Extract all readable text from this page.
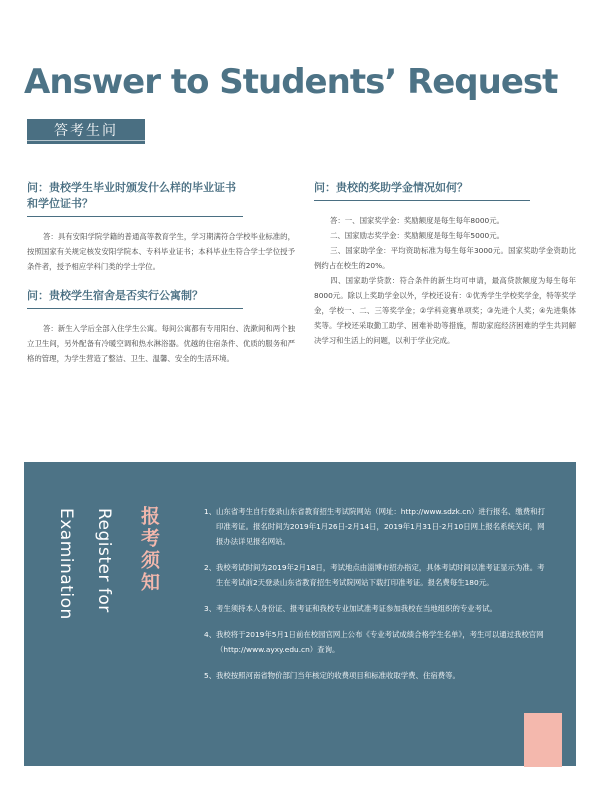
Answer to Students’ Request
答考生问
问：贵校学生毕业时颁发什么样的毕业证书和学位证书？
答：具有安阳学院学籍的普通高等教育学生，学习期满符合学校毕业标准的，按照国家有关规定核发安阳学院本、专科毕业证书；本科毕业生符合学士学位授予条件者，授予相应学科门类的学士学位。
问：贵校学生宿舍是否实行公寓制？
答：新生入学后全部入住学生公寓。每间公寓都有专用阳台、洗漱间和两个独立卫生间，另外配备有冷暖空调和热水淋浴器。优越的住宿条件、优质的服务和严格的管理，为学生营造了整洁、卫生、温馨、安全的生活环境。
问：贵校的奖助学金情况如何？

答：一、国家奖学金：奖励额度是每生每年8000元。

二、国家励志奖学金：奖励额度是每生每年5000元。

三、国家助学金：平均资助标准为每生每年3000元。国家奖助学金资助比例约占在校生的20%。

四、国家助学贷款：符合条件的新生均可申请，最高贷款额度为每生每年8000元。除以上奖助学金以外，学校还设有：①优秀学生学校奖学金，特等奖学金，学校一、二、三等奖学金；②学科竞赛单项奖；③先进个人奖；④先进集体奖等。学校还采取勤工助学、困难补助等措施，帮助家庭经济困难的学生共同解决学习和生活上的问题，以利于学业完成。

Examination Register for 报考须知	1、 山东省考生自行登录山东省教育招生考试院网站（网址：http://www.sdzk.cn）进行报名、缴费和打印准考证。报名时间为2019年1月26日-2月14日，2019年1月31日-2月10日网上报名系统关闭，网报办法详见报名网站。
2、 我校考试时间为2019年2月18日，考试地点由淄博市招办指定，具体考试时间以准考证显示为准。考生在考试前2天登录山东省教育招生考试院网站下载打印准考证。报名费每生180元。
3、 考生须持本人身份证、报考证和我校专业加试准考证参加我校在当地组织的专业考试。
4、 我校将于2019年5月1日前在校园官网上公布《专业考试成绩合格学生名单》，考生可以通过我校官网（http://www.ayxy.edu.cn）查询。
5、 我校按照河南省物价部门当年核定的收费项目和标准收取学费、住宿费等。
